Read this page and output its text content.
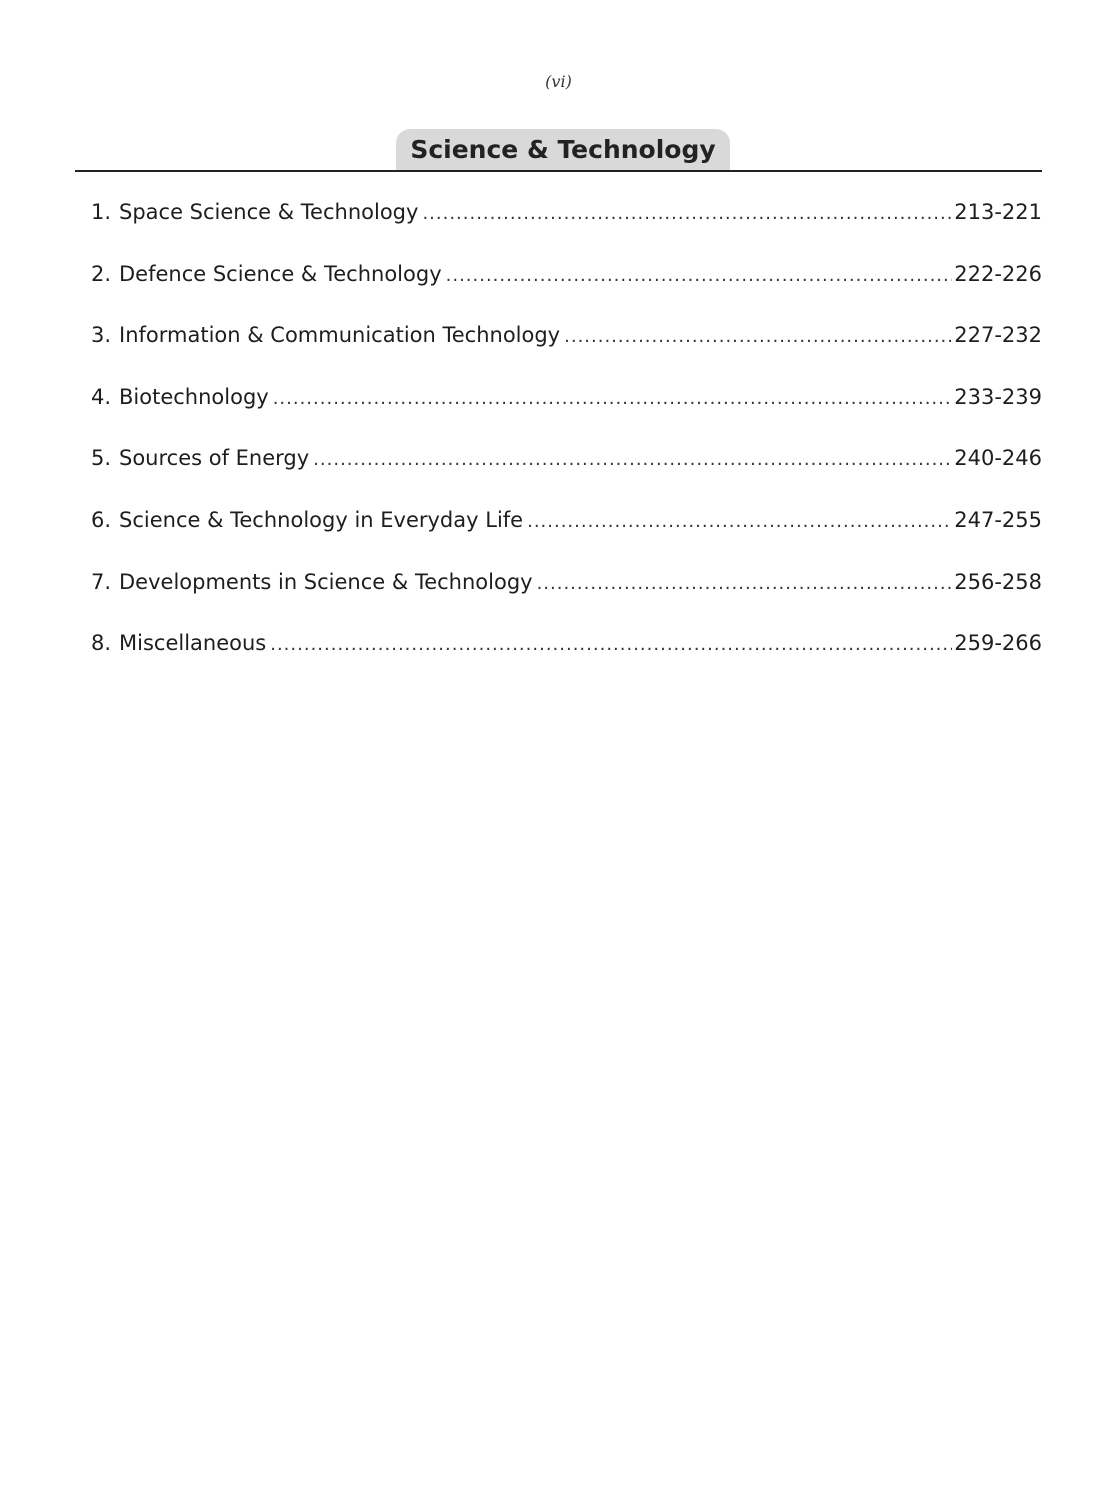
(vi)
Science & Technology
1. Space Science & Technology .....	213-221
2. Defence Science & Technology .....	222-226
3. Information & Communication Technology .....	227-232
4. Biotechnology .....	233-239
5. Sources of Energy .....	240-246
6. Science & Technology in Everyday Life .....	247-255
7. Developments in Science & Technology .....	256-258
8. Miscellaneous .....	259-266
